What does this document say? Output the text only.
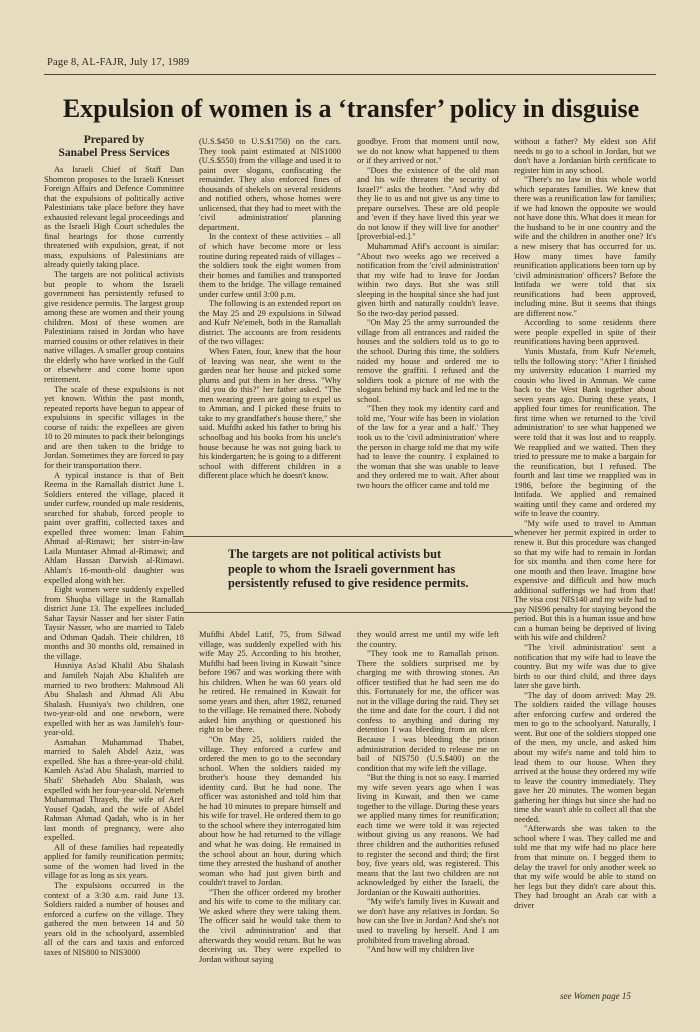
Page 8, AL-FAJR, July 17, 1989
Expulsion of women is a ‘transfer’ policy in disguise
Prepared by
Sanabel Press Services

As Israeli Chief of Staff Dan Shomron proposes to the Israeli Knesset Foreign Affairs and Defence Committee that the expulsions of politically active Palestinians take place before they have exhausted relevant legal proceedings and as the Israeli High Court schedules the final hearings for those currently threatened with expulsion, great, if not mass, expulsions of Palestinians are already quietly taking place.

The targets are not political activists but people to whom the Israeli government has persistently refused to give residence permits. The largest group among these are women and their young children. Most of these women are Palestinians raised in Jordan who have married cousins or other relatives in their native villages. A smaller group contains the elderly who have worked in the Gulf or elsewhere and come home upon retirement.

The scale of these expulsions is not yet known. Within the past month, repeated reports have begun to appear of expulsions in specific villages in the course of raids: the expellees are given 10 to 20 minutes to pack their belongings and are then taken to the bridge to Jordan. Sometimes they are forced to pay for their transportation there.

A typical instance is that of Beit Reema in the Ramallah district June 1. Soldiers entered the village, placed it under curfew, rounded up male residents, searched for shabab, forced people to paint over graffiti, collected taxes and expelled three women: Iman Fahim Ahmad al-Rimawi; her sister-in-law Laila Muntaser Ahmad al-Rimawi; and Ahlam Hassan Darwish al-Rimawi. Ahlam's 16-month-old daughter was expelled along with her.

Eight women were suddenly expelled from Shuqba village in the Ramallah district June 13. The expellees included Sahar Taysir Nasser and her sister Fatin Taysir Nasser, who are married to Taleb and Othman Qadah. Their children, 18 months and 30 months old, remained in the village.

Husniya As'ad Khalil Abu Shalash and Jamileh Najah Abu Khalifeh are married to two brothers: Mahmoud Ali Abu Shalash and Ahmad Ali Abu Shalash. Husniya's two children, one two-year-old and one newborn, were expelled with her as was Jamileh's four-year-old.

Asmahan Muhammad Thabet, married to Saleh Abdel Aziz, was expelled. She has a three-year-old child. Kamleh As'ad Abu Shalash, married to Shafi' Shehadeh Abu Shalash, was expelled with her four-year-old. Ne'emeh Muhammad Thrayeh, the wife of Aref Yousef Qadah, and the wife of Abdel Rahman Ahmad Qadah, who is in her last month of pregnancy, were also expelled.

All of these families had repeatedly applied for family reunification permits; some of the women had lived in the village for as long as six years.

The expulsions occurred in the context of a 3:30 a.m. raid June 13. Soldiers raided a number of houses and enforced a curfew on the village. They gathered the men between 14 and 50 years old in the schoolyard, assembled all of the cars and taxis and enforced taxes of NIS800 to NIS3000

(U.S.$450 to U.S.$1750) on the cars. They took paint estimated at NIS1000 (U.S.$550) from the village and used it to paint over slogans, confiscating the remainder. They also enforced fines of thousands of shekels on several residents and notified others, whose homes were unlicensed, that they had to meet with the 'civil administration' planning department.

In the context of these activities – all of which have become more or less routine during repeated raids of villages – the soldiers took the eight women from their homes and families and transported them to the bridge. The village remained under curfew until 3:00 p.m.

The following is an extended report on the May 25 and 29 expulsions in Silwad and Kufr Ne'emeh, both in the Ramallah district. The accounts are from residents of the two villages:

When Faten, four, knew that the hour of leaving was near, she went to the garden near her house and picked some plums and put them in her dress. "Why did you do this?" her father asked. "The men wearing green are going to expel us to Amman, and I picked these fruits to take to my grandfather's house there," she said. Mufdhi asked his father to bring his schoolbag and his books from his uncle's house because he was not going back to his kindergarten; he is going to a different school with different children in a different place which he doesn't know.

goodbye. From that moment until now, we do not know what happened to them or if they arrived or not."

"Does the existence of the old man and his wife threaten the security of Israel?" asks the brother. "And why did they lie to us and not give us any time to prepare ourselves. These are old people and 'even if they have lived this year we do not know if they will live for another' [proverbial-ed.]."

Muhammad Afif's account is similar: "About two weeks ago we received a notification from the 'civil administration' that my wife had to leave for Jordan within two days. But she was still sleeping in the hospital since she had just given birth and naturally couldn't leave. So the two-day period passed.

"On May 25 the army surrounded the village from all entrances and raided the houses and the soldiers told us to go to the school. During this time, the soldiers raided my house and ordered me to remove the graffiti. I refused and the soldiers took a picture of me with the slogans behind my back and led me to the school.

"Then they took my identity card and told me, 'Your wife has been in violation of the law for a year and a half.' They took us to the 'civil administration' where the person in charge told me that my wife had to leave the country. I explained to the woman that she was unable to leave and they ordered me to wait. After about two hours the officer came and told me

The targets are not political activists but people to whom the Israeli government has persistently refused to give residence permits.

Mufdhi Abdel Latif, 75, from Silwad village, was suddenly expelled with his wife May 25. According to his brother, Mufdhi had been living in Kuwait "since before 1967 and was working there with his children. When he was 60 years old he retired. He remained in Kuwait for some years and then, after 1982, returned to the village. He remained there. Nobody asked him anything or questioned his right to be there.

"On May 25, soldiers raided the village. They enforced a curfew and ordered the men to go to the secondary school. When the soldiers raided my brother's house they demanded his identity card. But he had none. The officer was astonished and told him that he had 10 minutes to prepare himself and his wife for travel. He ordered them to go to the school where they interrogated him about how he had returned to the village and what he was doing. He remained in the school about an hour, during which time they arrested the husband of another woman who had just given birth and couldn't travel to Jordan.

"Then the officer ordered my brother and his wife to come to the military car. We asked where they were taking them. The officer said he would take them to the 'civil administration' and that afterwards they would return. But he was deceiving us. They were expelled to Jordan without saying

they would arrest me until my wife left the country.

"They took me to Ramallah prison. There the soldiers surprised me by charging me with throwing stones. An officer testified that he had seen me do this. Fortunately for me, the officer was not in the village during the raid. They set the time and date for the court. I did not confess to anything and during my detention I was bleeding from an ulcer. Because I was bleeding the prison administration decided to release me on bail of NIS750 (U.S.$400) on the condition that my wife left the village.

"But the thing is not so easy. I married my wife seven years ago when I was living in Kuwait, and then we came together to the village. During these years we applied many times for reunification; each time we were told it was rejected without giving us any reasons. We had three children and the authorities refused to register the second and third; the first boy, five years old, was registered. This means that the last two children are not acknowledged by either the Israeli, the Jordanian or the Kuwaiti authorities.

"My wife's family lives in Kuwait and we don't have any relatives in Jordan. So how can she live in Jordan? And she's not used to traveling by herself. And I am prohibited from traveling abroad.

"And how will my children live

without a father? My eldest son Afif needs to go to a school in Jordan, but we don't have a Jordanian birth certificate to register him in any school.

"There's no law in this whole world which separates families. We knew that there was a reunification law for families; if we had known the opposite we would not have done this. What does it mean for the husband to be in one country and the wife and the children in another one? It's a new misery that has occurred for us. How many times have family reunification applications been torn up by 'civil administration' officers? Before the Intifada we were told that six reunifications had been approved, including mine. But it seems that things are different now."

According to some residents there were people expelled in spite of their reunifications having been approved.

Yunis Mustafa, from Kufr Ne'emeh, tells the following story: "After I finished my university education I married my cousin who lived in Amman. We came back to the West Bank together about seven years ago. During these years, I applied four times for reunification. The first time when we returned to the 'civil administration' to see what happened we were told that it was lost and to reapply. We reapplied and we waited. Then they tried to pressure me to make a bargain for the reunification, but I refused. The fourth and last time we reapplied was in 1986, before the beginning of the Intifada. We applied and remained waiting until they came and ordered my wife to leave the country.

"My wife used to travel to Amman whenever her permit expired in order to renew it. But this procedure was changed so that my wife had to remain in Jordan for six months and then come here for one month and then leave. Imagine how expensive and difficult and how much additional sufferings we had from that! The visa cost NIS140 and my wife had to pay NIS96 penalty for staying beyond the period. But this is a human issue and how can a human being be deprived of living with his wife and children?

"The 'civil administration' sent a notification that my wife had to leave the country. But my wife was due to give birth to our third child, and three days later she gave birth.

"The day of doom arrived: May 29. The soldiers raided the village houses after enforcing curfew and ordered the men to go to the schoolyard. Naturally, I went. But one of the soldiers stopped one of the men, my uncle, and asked him about my wife's name and told him to lead them to our house. When they arrived at the house they ordered my wife to leave the country immediately. They gave her 20 minutes. The women began gathering her things but since she had no time she wasn't able to collect all that she needed.

"Afterwards she was taken to the school where I was. They called me and told me that my wife had no place here from that minute on. I begged them to delay the travel for only another week so that my wife would be able to stand on her legs but they didn't care about this. They had brought an Arab car with a driver

see Women page 15
